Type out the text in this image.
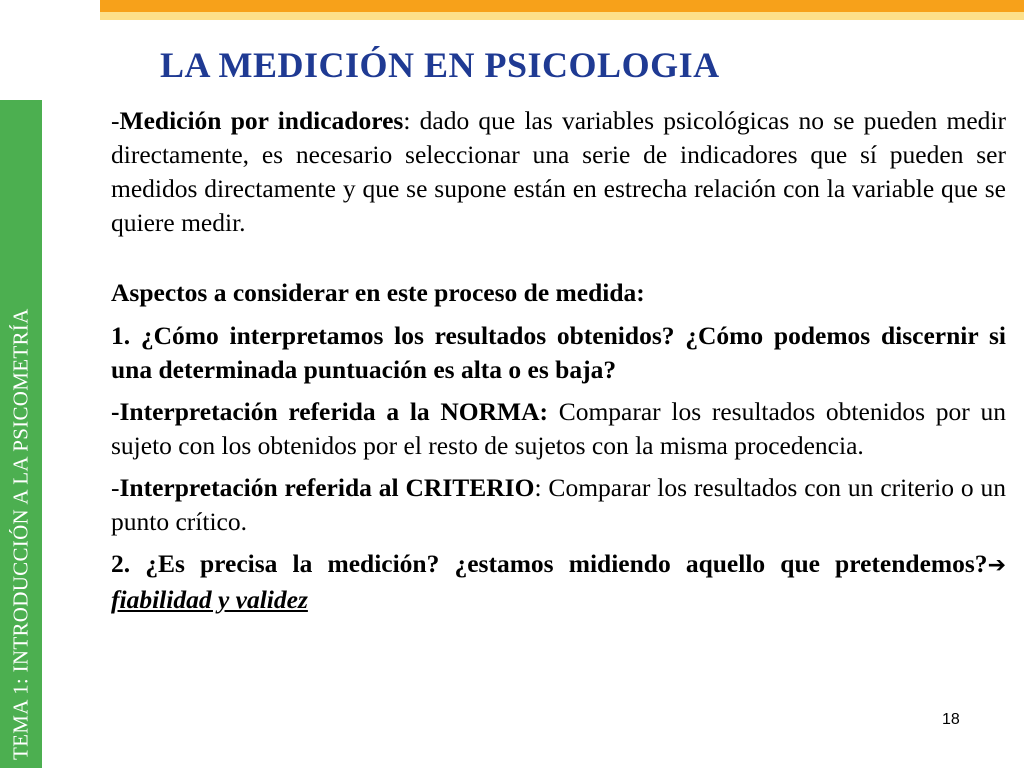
TEMA 1: INTRODUCCIÓN A LA PSICOMETRÍA
LA MEDICIÓN EN PSICOLOGIA

-Medición por indicadores: dado que las variables psicológicas no se pueden medir directamente, es necesario seleccionar una serie de indicadores que sí pueden ser medidos directamente y que se supone están en estrecha relación con la variable que se quiere medir.

Aspectos a considerar en este proceso de medida:

1. ¿Cómo interpretamos los resultados obtenidos? ¿Cómo podemos discernir si una determinada puntuación es alta o es baja?

-Interpretación referida a la NORMA: Comparar los resultados obtenidos por un sujeto con los obtenidos por el resto de sujetos con la misma procedencia.

-Interpretación referida al CRITERIO: Comparar los resultados con un criterio o un punto crítico.

2. ¿Es precisa la medición? ¿estamos midiendo aquello que pretendemos?➔ fiabilidad y validez

18
